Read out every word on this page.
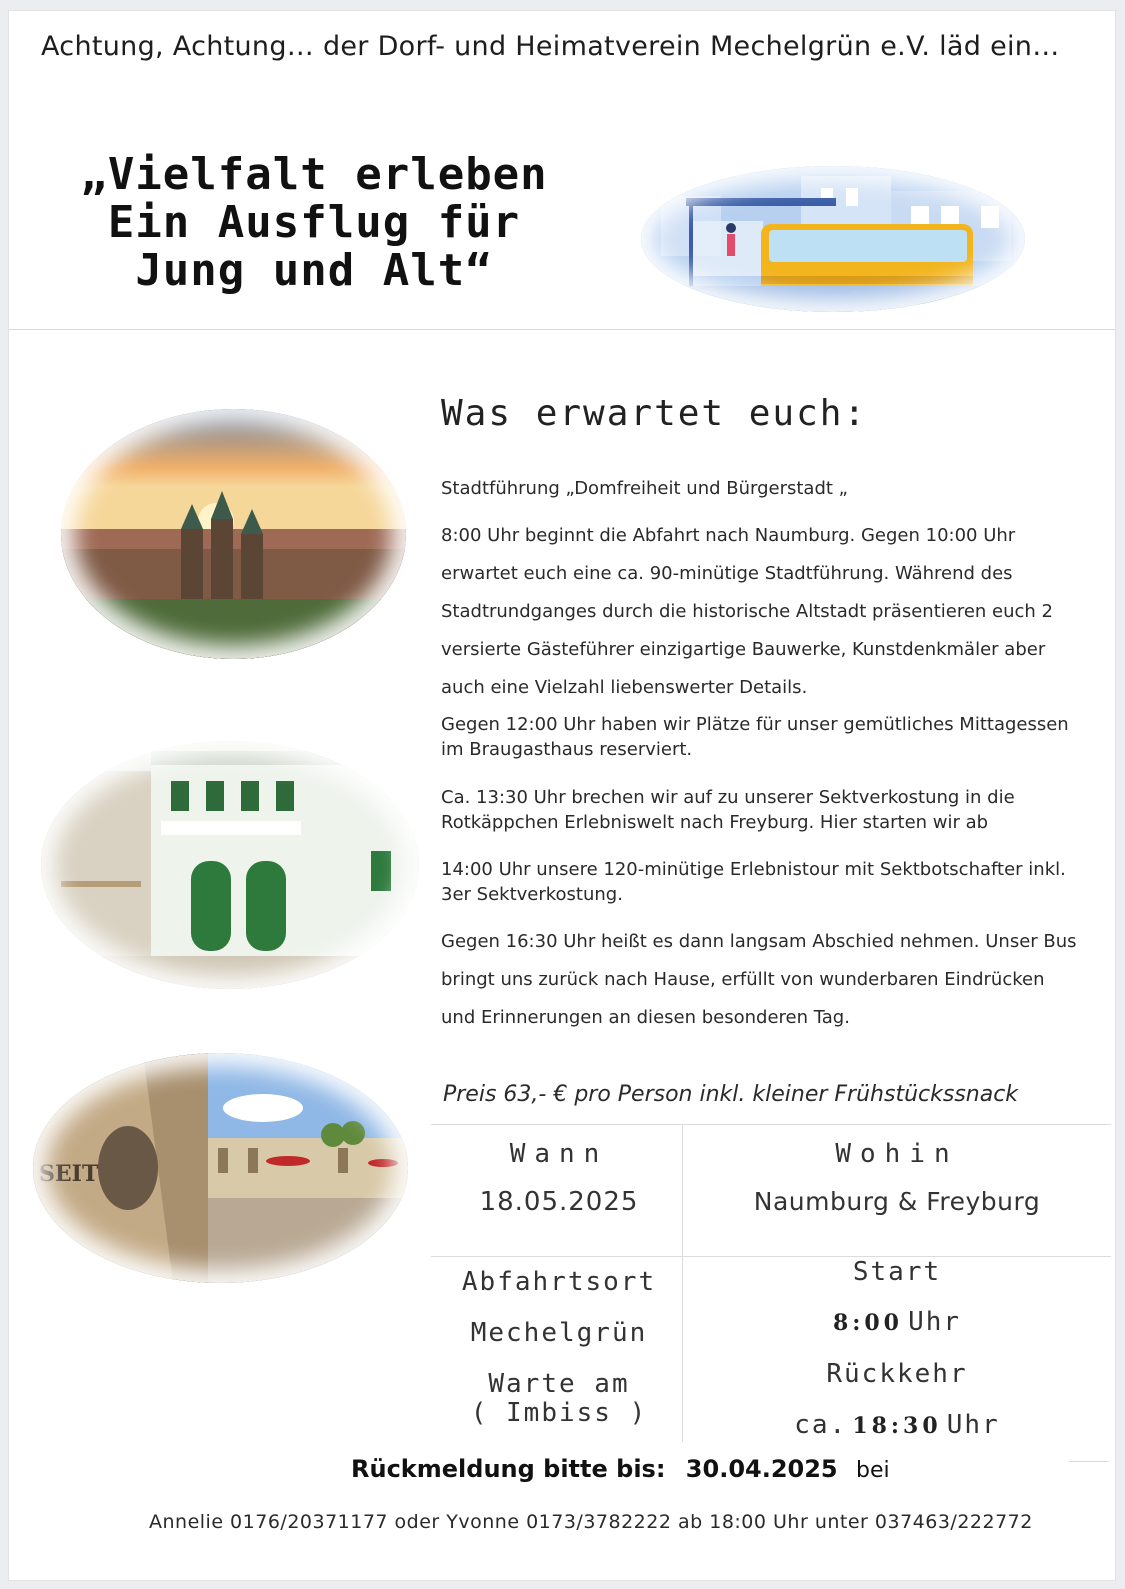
Achtung, Achtung… der Dorf- und Heimatverein Mechelgrün e.V. läd ein…
„Vielfalt erleben
Ein Ausflug für
Jung und Alt“
SEIT
Was erwartet euch:

Stadtführung „Domfreiheit und Bürgerstadt „

8:00 Uhr beginnt die Abfahrt nach Naumburg. Gegen 10:00 Uhr

erwartet euch eine ca. 90-minütige Stadtführung. Während des

Stadtrundganges durch die historische Altstadt präsentieren euch 2

versierte Gästeführer einzigartige Bauwerke, Kunstdenkmäler aber

auch eine Vielzahl liebenswerter Details.

Gegen 12:00 Uhr haben wir Plätze für unser gemütliches Mittagessen

im Braugasthaus reserviert.

Ca. 13:30 Uhr brechen wir auf zu unserer Sektverkostung in die

Rotkäppchen Erlebniswelt nach Freyburg. Hier starten wir ab

14:00 Uhr unsere 120-minütige Erlebnistour mit Sektbotschafter inkl.

3er Sektverkostung.

Gegen 16:30 Uhr heißt es dann langsam Abschied nehmen. Unser Bus

bringt uns zurück nach Hause, erfüllt von wunderbaren Eindrücken

und Erinnerungen an diesen besonderen Tag.

Preis 63,- € pro Person inkl. kleiner Frühstückssnack
Wann
18.05.2025
Wohin
Naumburg & Freyburg
Abfahrtsort
Mechelgrün
Warte am
( Imbiss )
Start
8:00 Uhr
Rückkehr
ca. 18:30 Uhr
Rückmeldung bitte bis: 30.04.2025 bei
Annelie 0176/20371177 oder Yvonne 0173/3782222 ab 18:00 Uhr unter 037463/222772
